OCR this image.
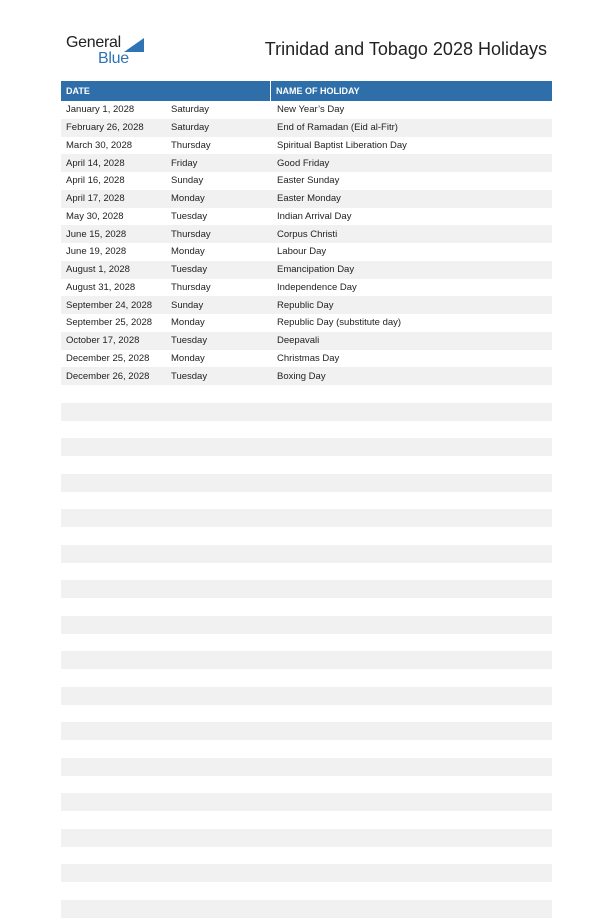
General
Blue	Trinidad and Tobago 2028 Holidays
DATE	NAME OF HOLIDAY
January 1, 2028	Saturday	New Year’s Day
February 26, 2028	Saturday	End of Ramadan (Eid al-Fitr)
March 30, 2028	Thursday	Spiritual Baptist Liberation Day
April 14, 2028	Friday	Good Friday
April 16, 2028	Sunday	Easter Sunday
April 17, 2028	Monday	Easter Monday
May 30, 2028	Tuesday	Indian Arrival Day
June 15, 2028	Thursday	Corpus Christi
June 19, 2028	Monday	Labour Day
August 1, 2028	Tuesday	Emancipation Day
August 31, 2028	Thursday	Independence Day
September 24, 2028	Sunday	Republic Day
September 25, 2028	Monday	Republic Day (substitute day)
October 17, 2028	Tuesday	Deepavali
December 25, 2028	Monday	Christmas Day
December 26, 2028	Tuesday	Boxing Day
